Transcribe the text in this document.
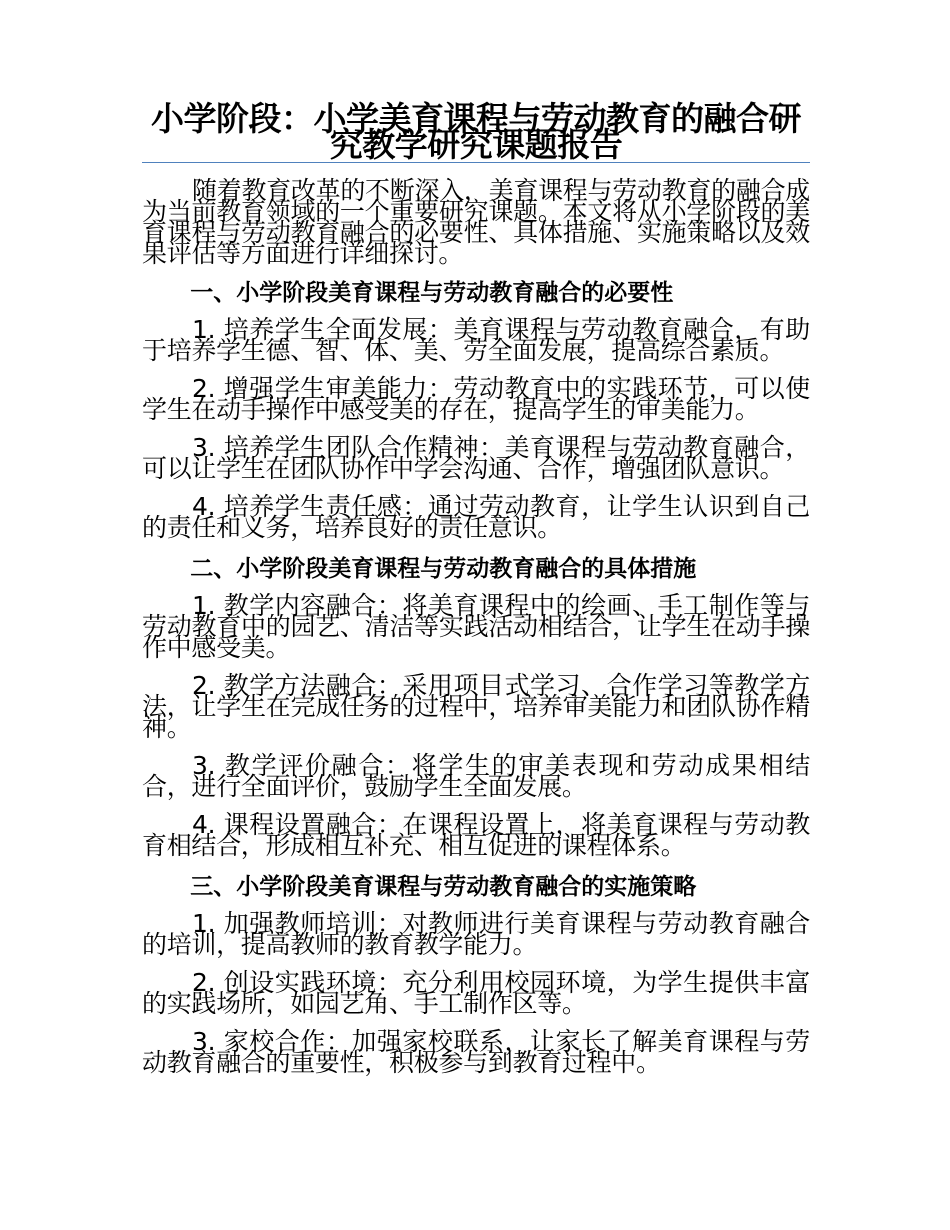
小学阶段：小学美育课程与劳动教育的融合研究教学研究课题报告

随着教育改革的不断深入，美育课程与劳动教育的融合成为当前教育领域的一个重要研究课题。本文将从小学阶段的美育课程与劳动教育融合的必要性、具体措施、实施策略以及效果评估等方面进行详细探讨。

一、小学阶段美育课程与劳动教育融合的必要性

1. 培养学生全面发展：美育课程与劳动教育融合，有助于培养学生德、智、体、美、劳全面发展，提高综合素质。

2. 增强学生审美能力：劳动教育中的实践环节，可以使学生在动手操作中感受美的存在，提高学生的审美能力。

3. 培养学生团队合作精神：美育课程与劳动教育融合，可以让学生在团队协作中学会沟通、合作，增强团队意识。

4. 培养学生责任感：通过劳动教育，让学生认识到自己的责任和义务，培养良好的责任意识。

二、小学阶段美育课程与劳动教育融合的具体措施

1. 教学内容融合：将美育课程中的绘画、手工制作等与劳动教育中的园艺、清洁等实践活动相结合，让学生在动手操作中感受美。

2. 教学方法融合：采用项目式学习、合作学习等教学方法，让学生在完成任务的过程中，培养审美能力和团队协作精神。

3. 教学评价融合：将学生的审美表现和劳动成果相结合，进行全面评价，鼓励学生全面发展。

4. 课程设置融合：在课程设置上，将美育课程与劳动教育相结合，形成相互补充、相互促进的课程体系。

三、小学阶段美育课程与劳动教育融合的实施策略

1. 加强教师培训：对教师进行美育课程与劳动教育融合的培训，提高教师的教育教学能力。

2. 创设实践环境：充分利用校园环境，为学生提供丰富的实践场所，如园艺角、手工制作区等。

3. 家校合作：加强家校联系，让家长了解美育课程与劳动教育融合的重要性，积极参与到教育过程中。
